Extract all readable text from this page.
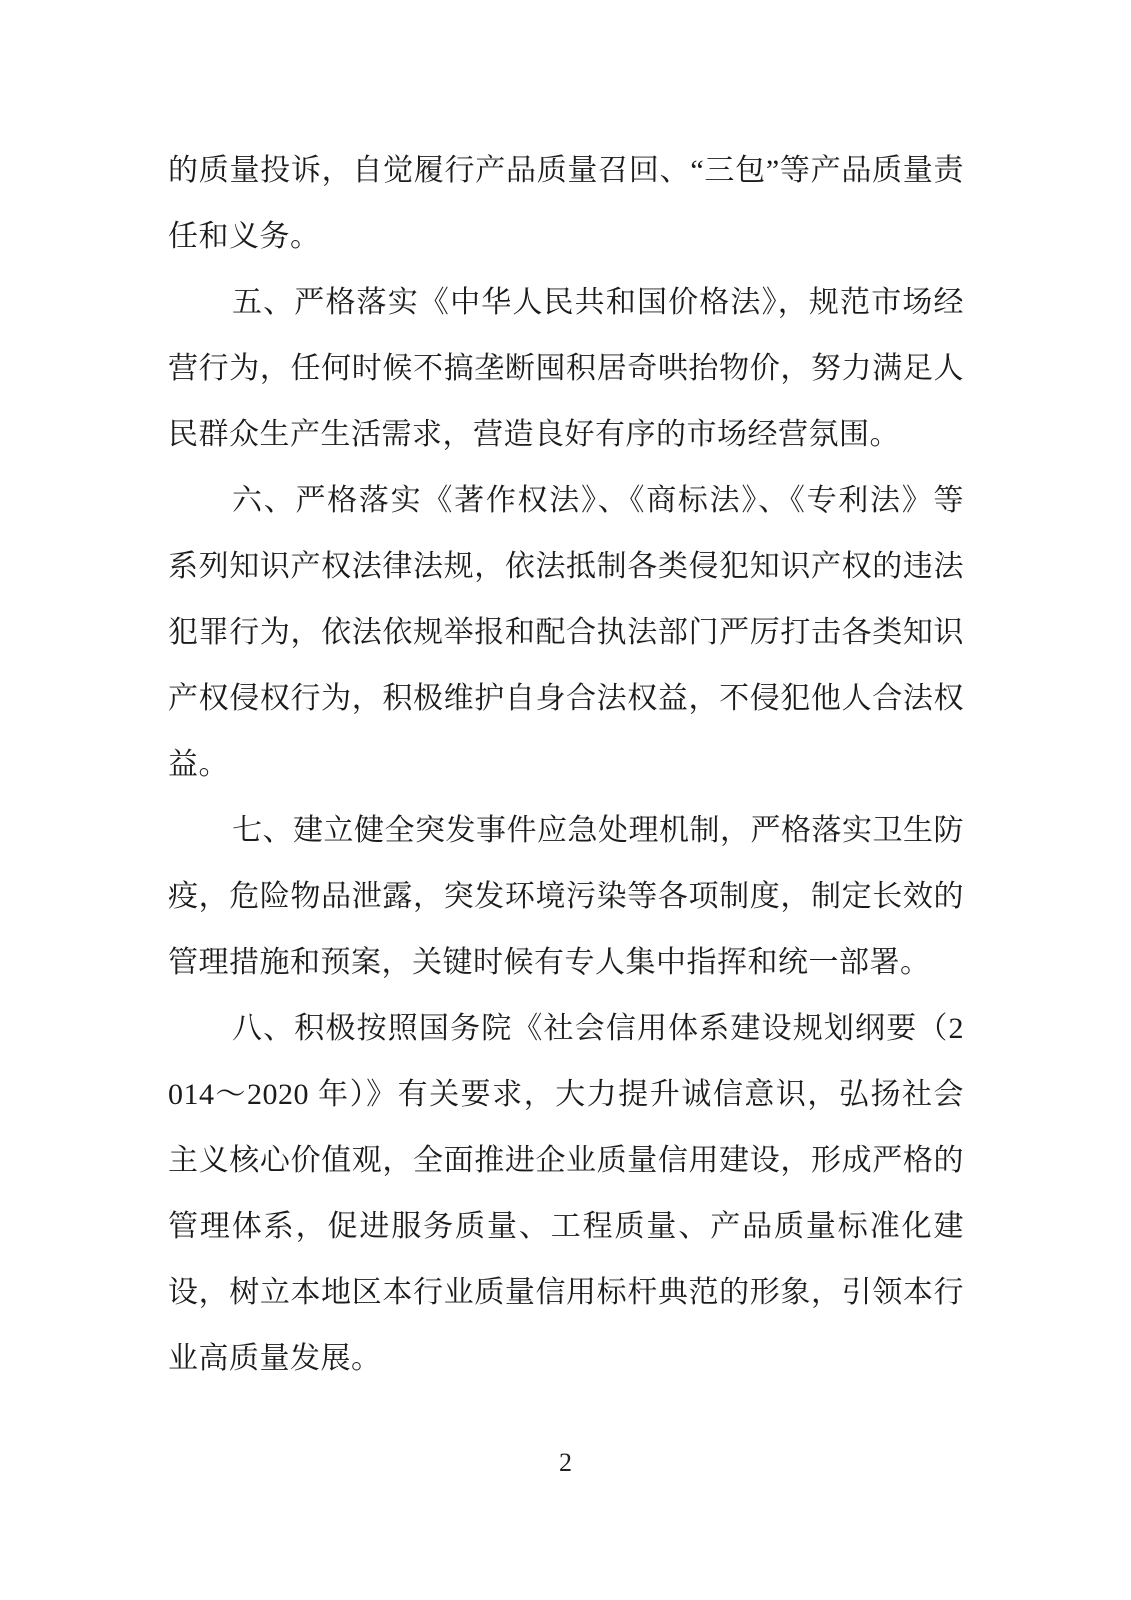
的质量投诉，自觉履行产品质量召回、“三包”等产品质量责任和义务。

五、严格落实《中华人民共和国价格法》，规范市场经营行为，任何时候不搞垄断囤积居奇哄抬物价，努力满足人民群众生产生活需求，营造良好有序的市场经营氛围。

六、严格落实《著作权法》、《商标法》、《专利法》等系列知识产权法律法规，依法抵制各类侵犯知识产权的违法犯罪行为，依法依规举报和配合执法部门严厉打击各类知识产权侵权行为，积极维护自身合法权益，不侵犯他人合法权益。

七、建立健全突发事件应急处理机制，严格落实卫生防疫，危险物品泄露，突发环境污染等各项制度，制定长效的管理措施和预案，关键时候有专人集中指挥和统一部署。

八、积极按照国务院《社会信用体系建设规划纲要（2014～2020 年）》有关要求，大力提升诚信意识，弘扬社会主义核心价值观，全面推进企业质量信用建设，形成严格的管理体系，促进服务质量、工程质量、产品质量标准化建设，树立本地区本行业质量信用标杆典范的形象，引领本行业高质量发展。

2
